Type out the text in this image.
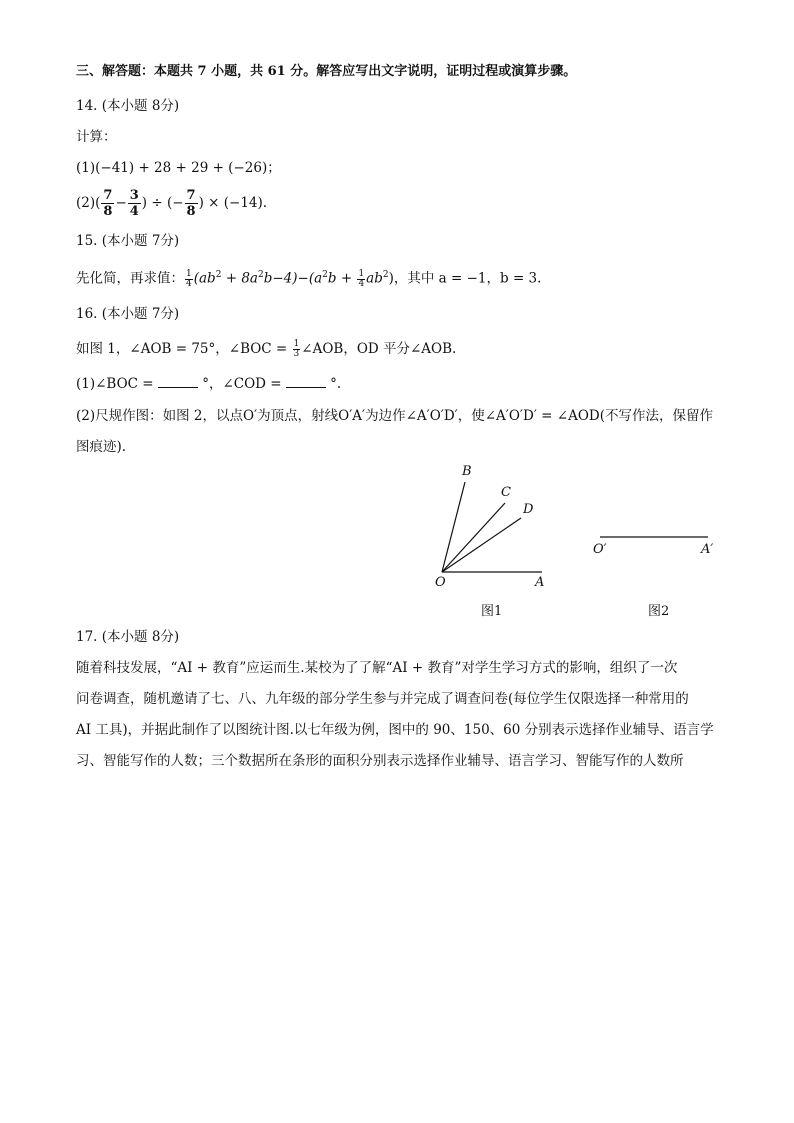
三、解答题：本题共 7 小题，共 61 分。解答应写出文字说明，证明过程或演算步骤。
14. (本小题 8分)
计算：
(1)(−41) + 28 + 29 + (−26)；
$(2)( \frac{7}{8} - \frac{3}{4}$ ) ÷ (− $\frac{7}{8}$ ) × (−14).
15. (本小题 7分)
先化简，再求值： $\frac{1}{4} (ab^2 + 8a^2b-4)-(a^2b + \frac{1}{4} ab^2)$，其中 a = −1，b = 3.
16. (本小题 7分)
如图 1，∠AOB = 75°，∠BOC = $\frac{1}{3}$ ∠AOB，OD 平分∠AOB.
(1)∠BOC =	°，∠COD =	°.
(2)尺规作图：如图 2，以点O′为顶点，射线O′A′为边作∠A′O′D′，使∠A′O′D′ = ∠AOD(不写作法，保留作
图痕迹).
B
C
D
O	A
图1
O′	A′
图2
17. (本小题 8分)
随着科技发展，“AI + 教育”应运而生.某校为了了解“AI + 教育”对学生学习方式的影响，组织了一次
问卷调查，随机邀请了七、八、九年级的部分学生参与并完成了调查问卷(每位学生仅限选择一种常用的
AI 工具)，并据此制作了以图统计图.以七年级为例，图中的 90、150、60 分别表示选择作业辅导、语言学
习、智能写作的人数；三个数据所在条形的面积分别表示选择作业辅导、语言学习、智能写作的人数所
